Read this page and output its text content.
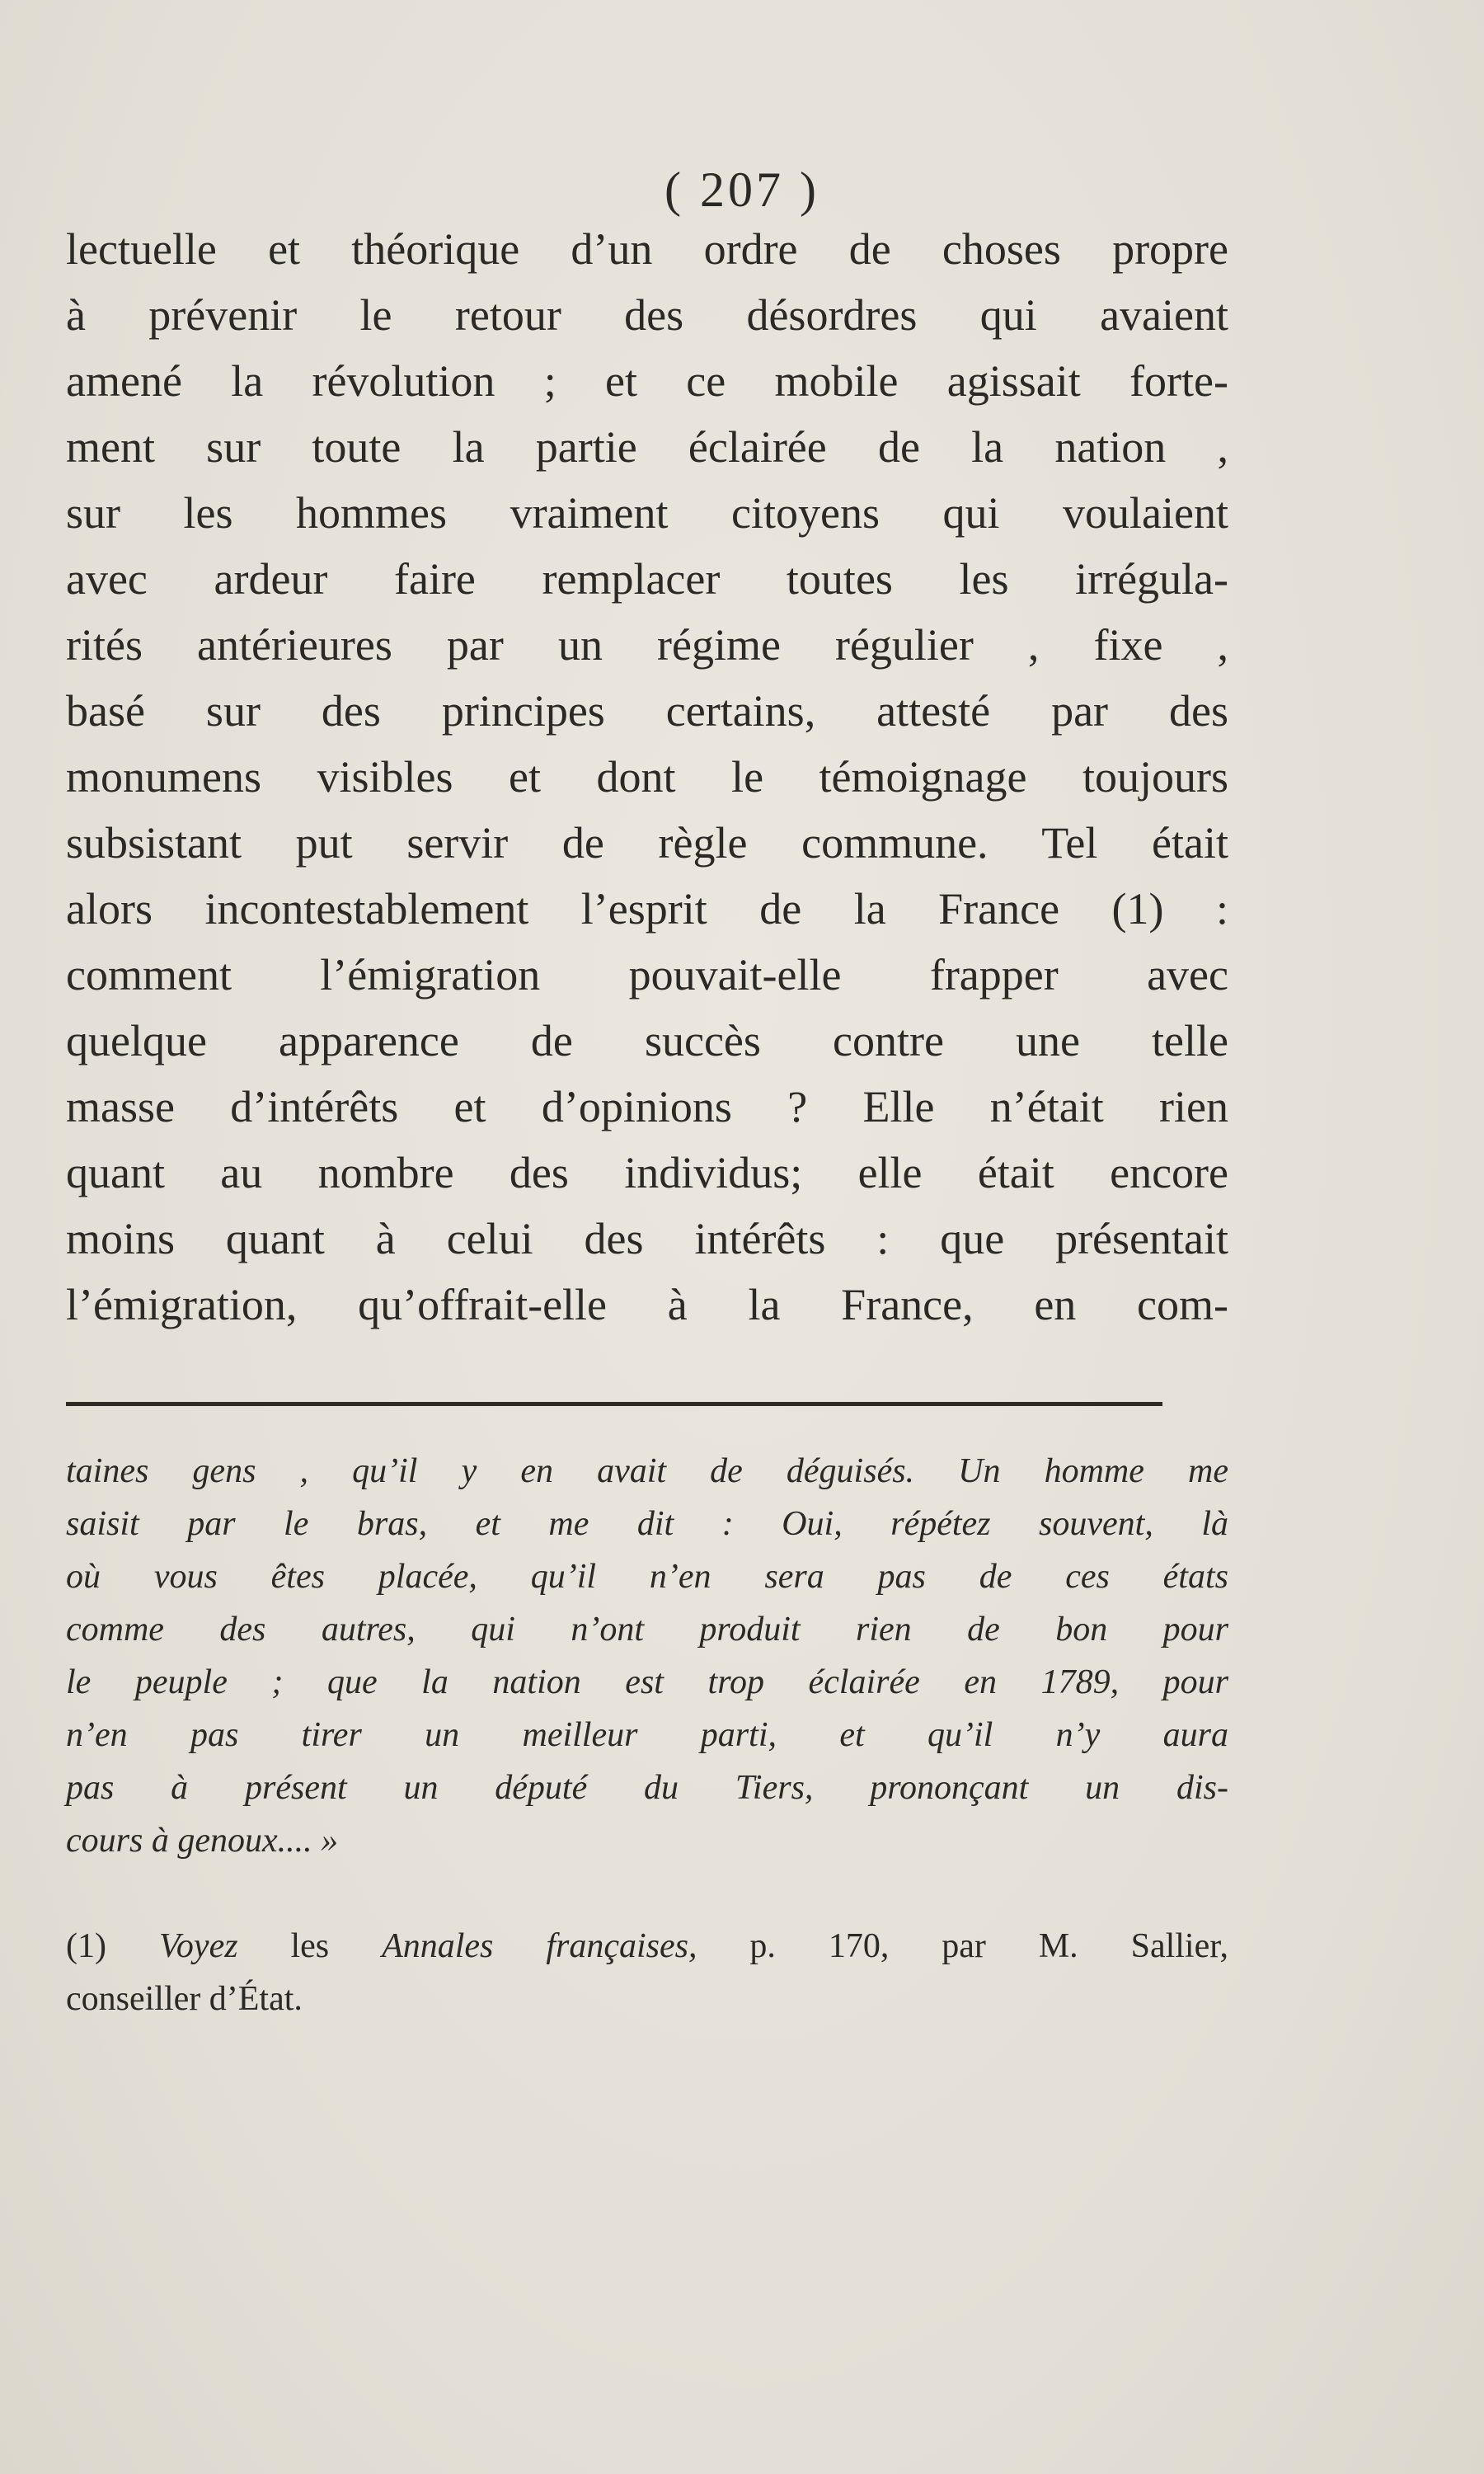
( 207 )
lectuelle et théorique d’un ordre de choses propre
à prévenir le retour des désordres qui avaient
amené la révolution ; et ce mobile agissait forte-
ment sur toute la partie éclairée de la nation ,
sur les hommes vraiment citoyens qui voulaient
avec ardeur faire remplacer toutes les irrégula-
rités antérieures par un régime régulier , fixe ,
basé sur des principes certains, attesté par des
monumens visibles et dont le témoignage toujours
subsistant put servir de règle commune. Tel était
alors incontestablement l’esprit de la France (1) :
comment l’émigration pouvait-elle frapper avec
quelque apparence de succès contre une telle
masse d’intérêts et d’opinions ? Elle n’était rien
quant au nombre des individus; elle était encore
moins quant à celui des intérêts : que présentait
l’émigration, qu’offrait-elle à la France, en com-
taines gens , qu’il y en avait de déguisés. Un homme me
saisit par le bras, et me dit : Oui, répétez souvent, là
où vous êtes placée, qu’il n’en sera pas de ces états
comme des autres, qui n’ont produit rien de bon pour
le peuple ; que la nation est trop éclairée en 1789, pour
n’en pas tirer un meilleur parti, et qu’il n’y aura
pas à présent un député du Tiers, prononçant un dis-
cours à genoux.... »
(1) Voyez les Annales françaises, p. 170, par M. Sallier,
conseiller d’État.
